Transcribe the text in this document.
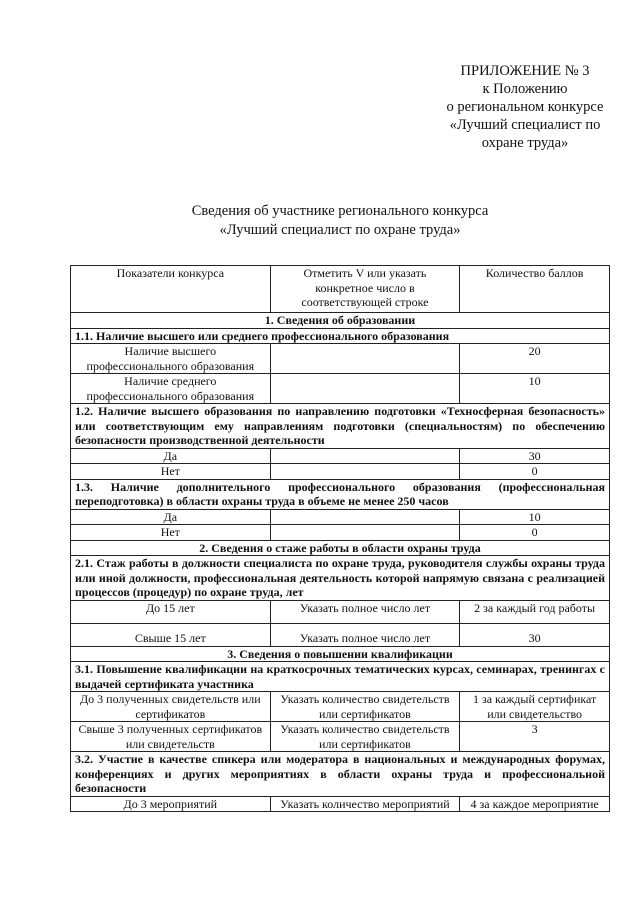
ПРИЛОЖЕНИЕ № 3
к Положению
о региональном конкурсе
«Лучший специалист по
охране труда»
Сведения об участнике регионального конкурса
«Лучший специалист по охране труда»
Показатели конкурса	Отметить V или указать конкретное число в соответствующей строке	Количество баллов
1. Сведения об образовании		
1.1. Наличие высшего или среднего профессионального образования		
Наличие высшего профессионального образования		20
Наличие среднего профессионального образования		10
1.2. Наличие высшего образования по направлению подготовки «Техносферная безопасность» или соответствующим ему направлениям подготовки (специальностям) по обеспечению безопасности производственной деятельности		
Да		30
Нет		0
1.3. Наличие дополнительного профессионального образования (профессиональная переподготовка) в области охраны труда в объеме не менее 250 часов		
Да		10
Нет		0
2. Сведения о стаже работы в области охраны труда		
2.1. Стаж работы в должности специалиста по охране труда, руководителя службы охраны труда или иной должности, профессиональная деятельность которой напрямую связана с реализацией процессов (процедур) по охране труда, лет		
До 15 лет	Указать полное число лет	2 за каждый год работы
Свыше 15 лет	Указать полное число лет	30
3. Сведения о повышении квалификации		
3.1. Повышение квалификации на краткосрочных тематических курсах, семинарах, тренингах с выдачей сертификата участника		
До 3 полученных свидетельств или сертификатов	Указать количество свидетельств или сертификатов	1 за каждый сертификат или свидетельство
Свыше 3 полученных сертификатов или свидетельств	Указать количество свидетельств или сертификатов	3
3.2. Участие в качестве спикера или модератора в национальных и международных форумах, конференциях и других мероприятиях в области охраны труда и профессиональной безопасности		
До 3 мероприятий	Указать количество мероприятий	4 за каждое мероприятие
